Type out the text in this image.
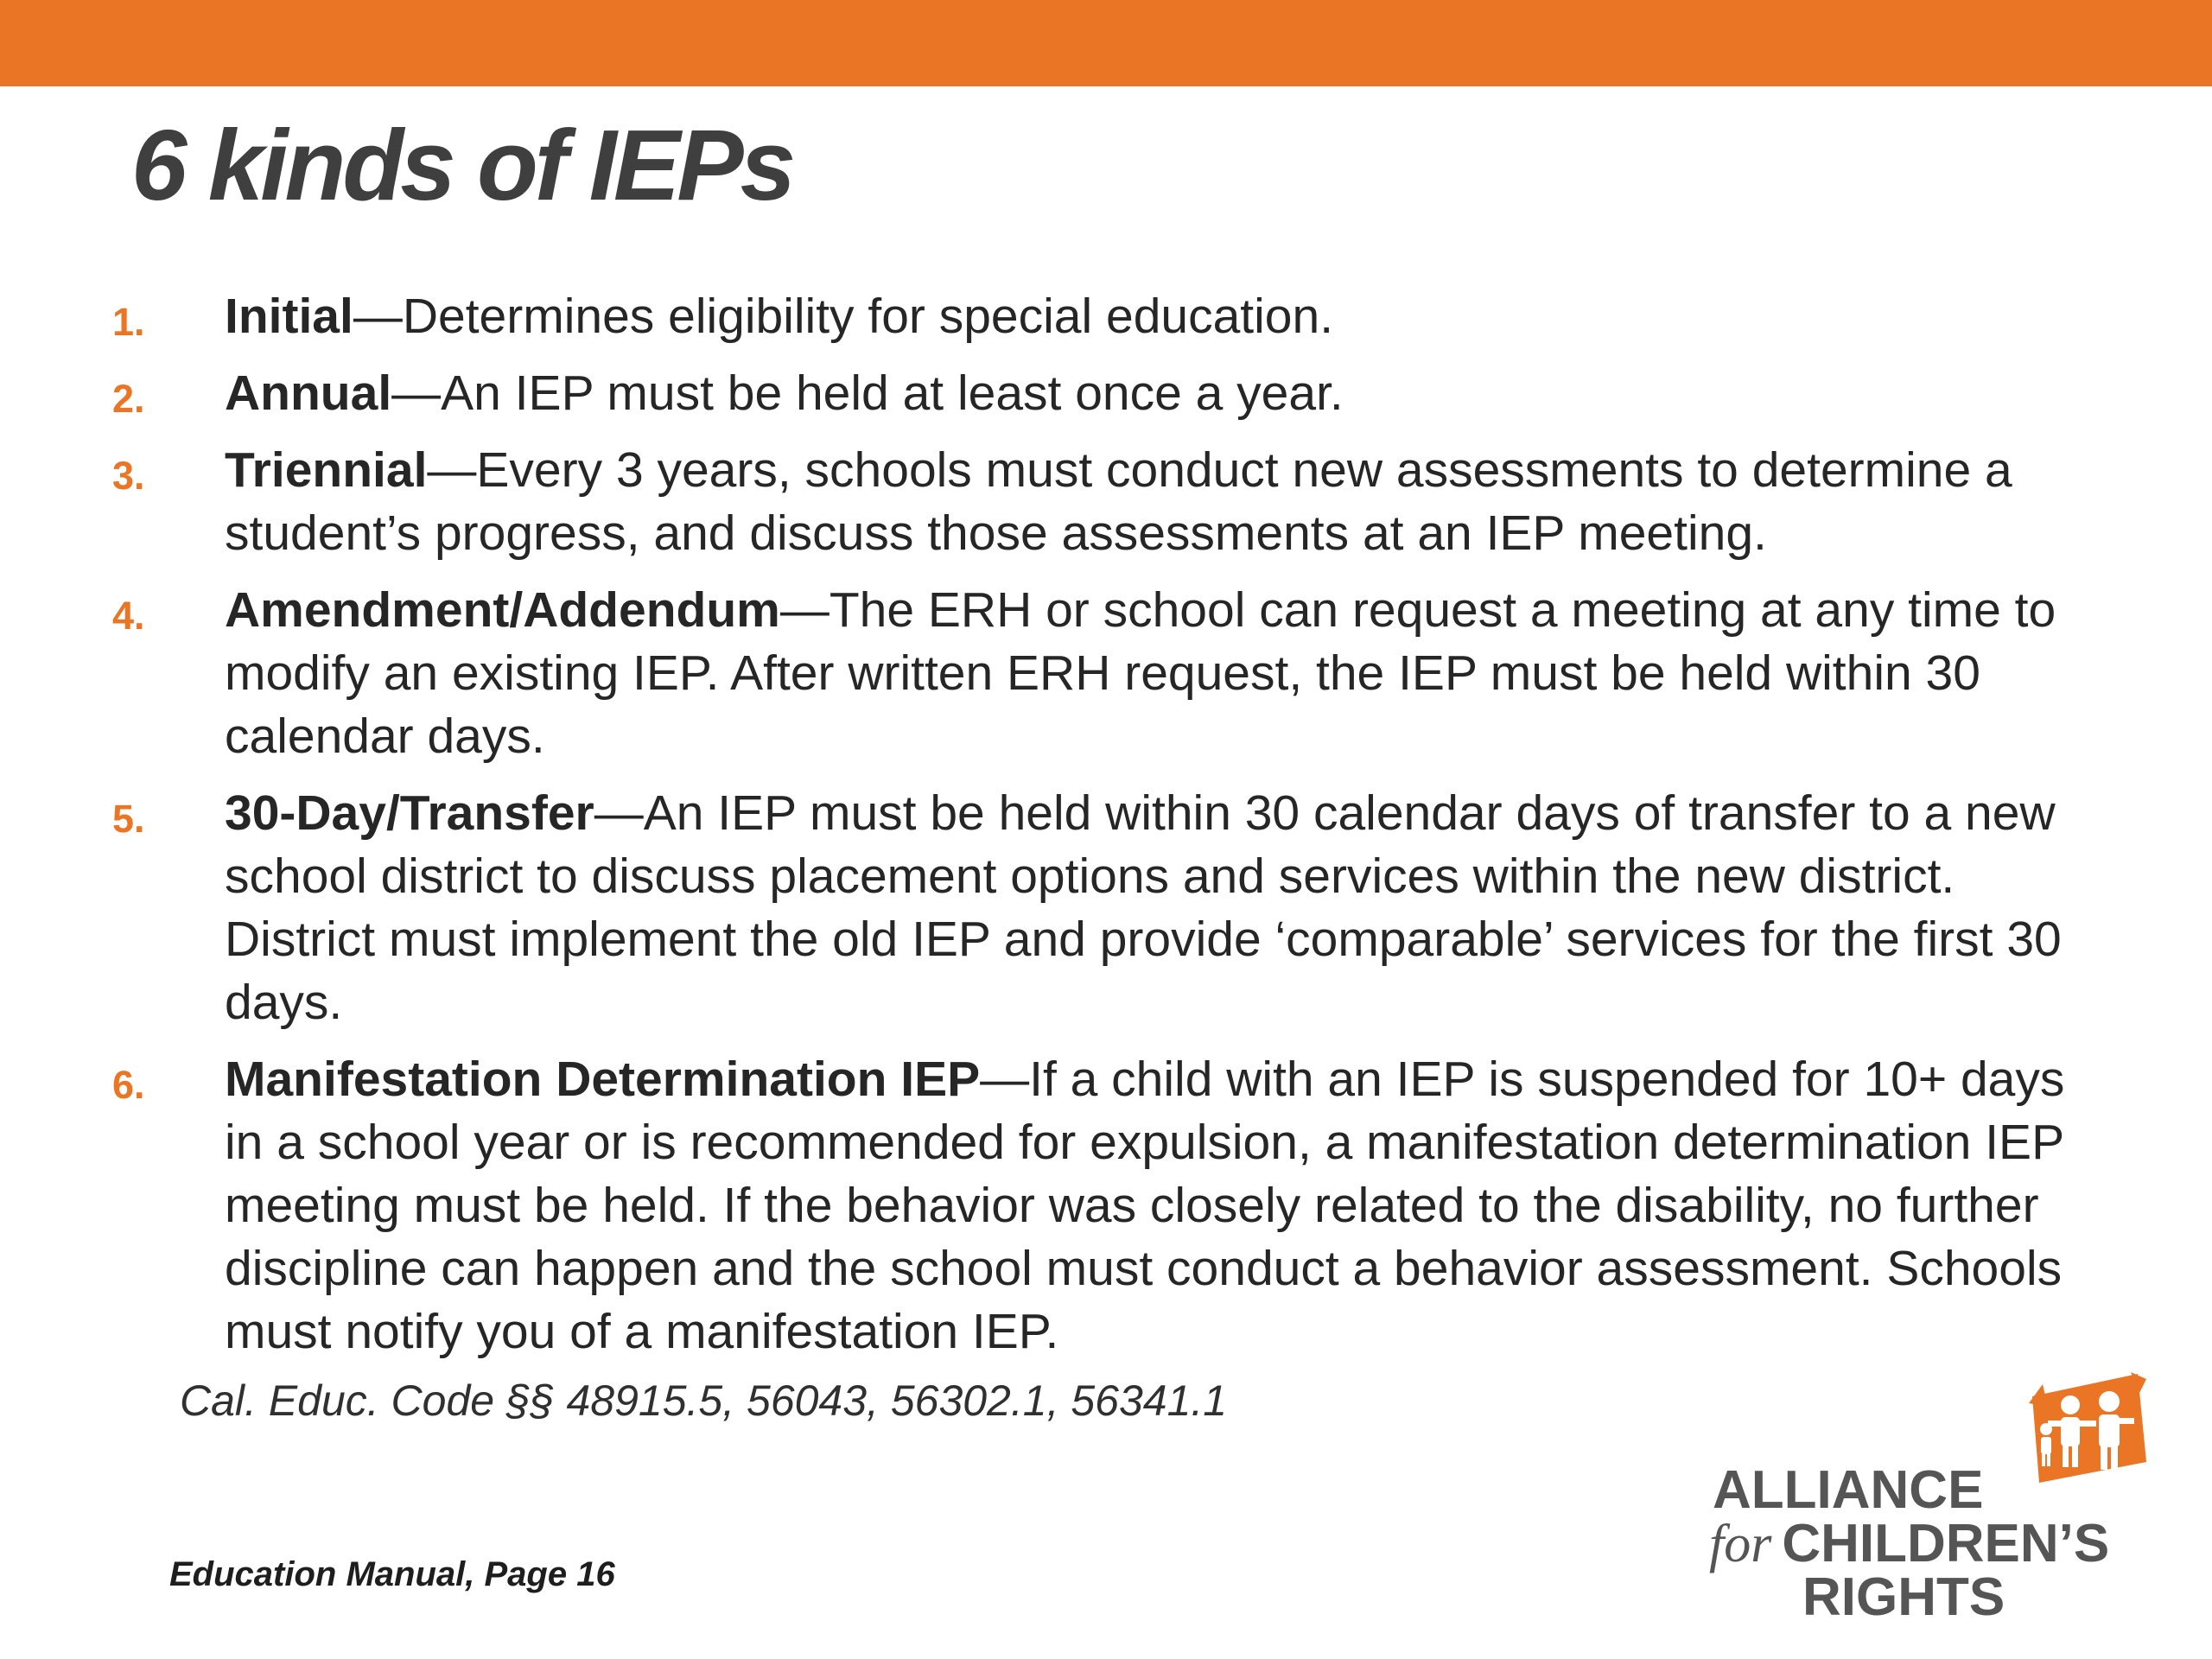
6 kinds of IEPs
1. Initial—Determines eligibility for special education.
2. Annual—An IEP must be held at least once a year.
3. Triennial—Every 3 years, schools must conduct new assessments to determine a student’s progress, and discuss those assessments at an IEP meeting.
4. Amendment/Addendum—The ERH or school can request a meeting at any time to modify an existing IEP. After written ERH request, the IEP must be held within 30 calendar days.
5. 30-Day/Transfer—An IEP must be held within 30 calendar days of transfer to a new school district to discuss placement options and services within the new district. District must implement the old IEP and provide ‘comparable’ services for the first 30 days.
6. Manifestation Determination IEP—If a child with an IEP is suspended for 10+ days in a school year or is recommended for expulsion, a manifestation determination IEP meeting must be held. If the behavior was closely related to the disability, no further discipline can happen and the school must conduct a behavior assessment. Schools must notify you of a manifestation IEP.
Cal. Educ. Code §§ 48915.5, 56043, 56302.1, 56341.1
Education Manual, Page 16
ALLIANCE
for CHILDREN’S
RIGHTS
